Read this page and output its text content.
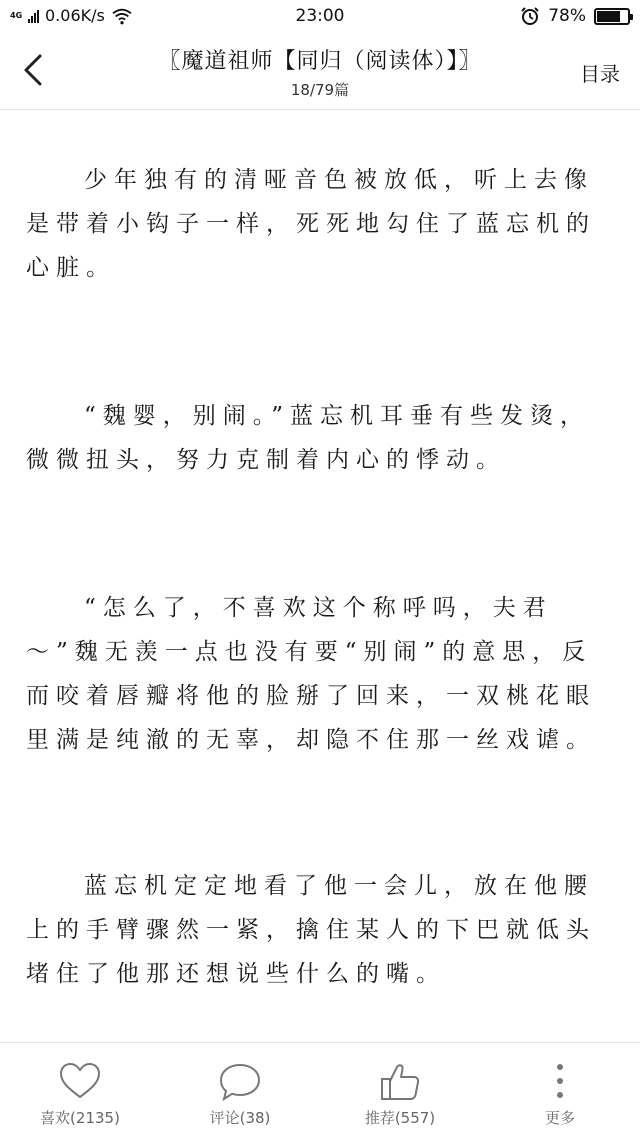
4G 0.06K/s	23:00	78%
〖魔道祖师【同归（阅读体）】〗
18/79篇
目录

少年独有的清哑音色被放低，听上去像是带着小钩子一样，死死地勾住了蓝忘机的心脏。

“魏婴，别闹。”蓝忘机耳垂有些发烫，微微扭头，努力克制着内心的悸动。

“怎么了，不喜欢这个称呼吗，夫君～”魏无羡一点也没有要“别闹”的意思，反而咬着唇瓣将他的脸掰了回来，一双桃花眼里满是纯澈的无辜，却隐不住那一丝戏谑。

蓝忘机定定地看了他一会儿，放在他腰上的手臂骤然一紧，擒住某人的下巴就低头堵住了他那还想说些什么的嘴。

喜欢(2135)	评论(38)	推荐(557)	更多
